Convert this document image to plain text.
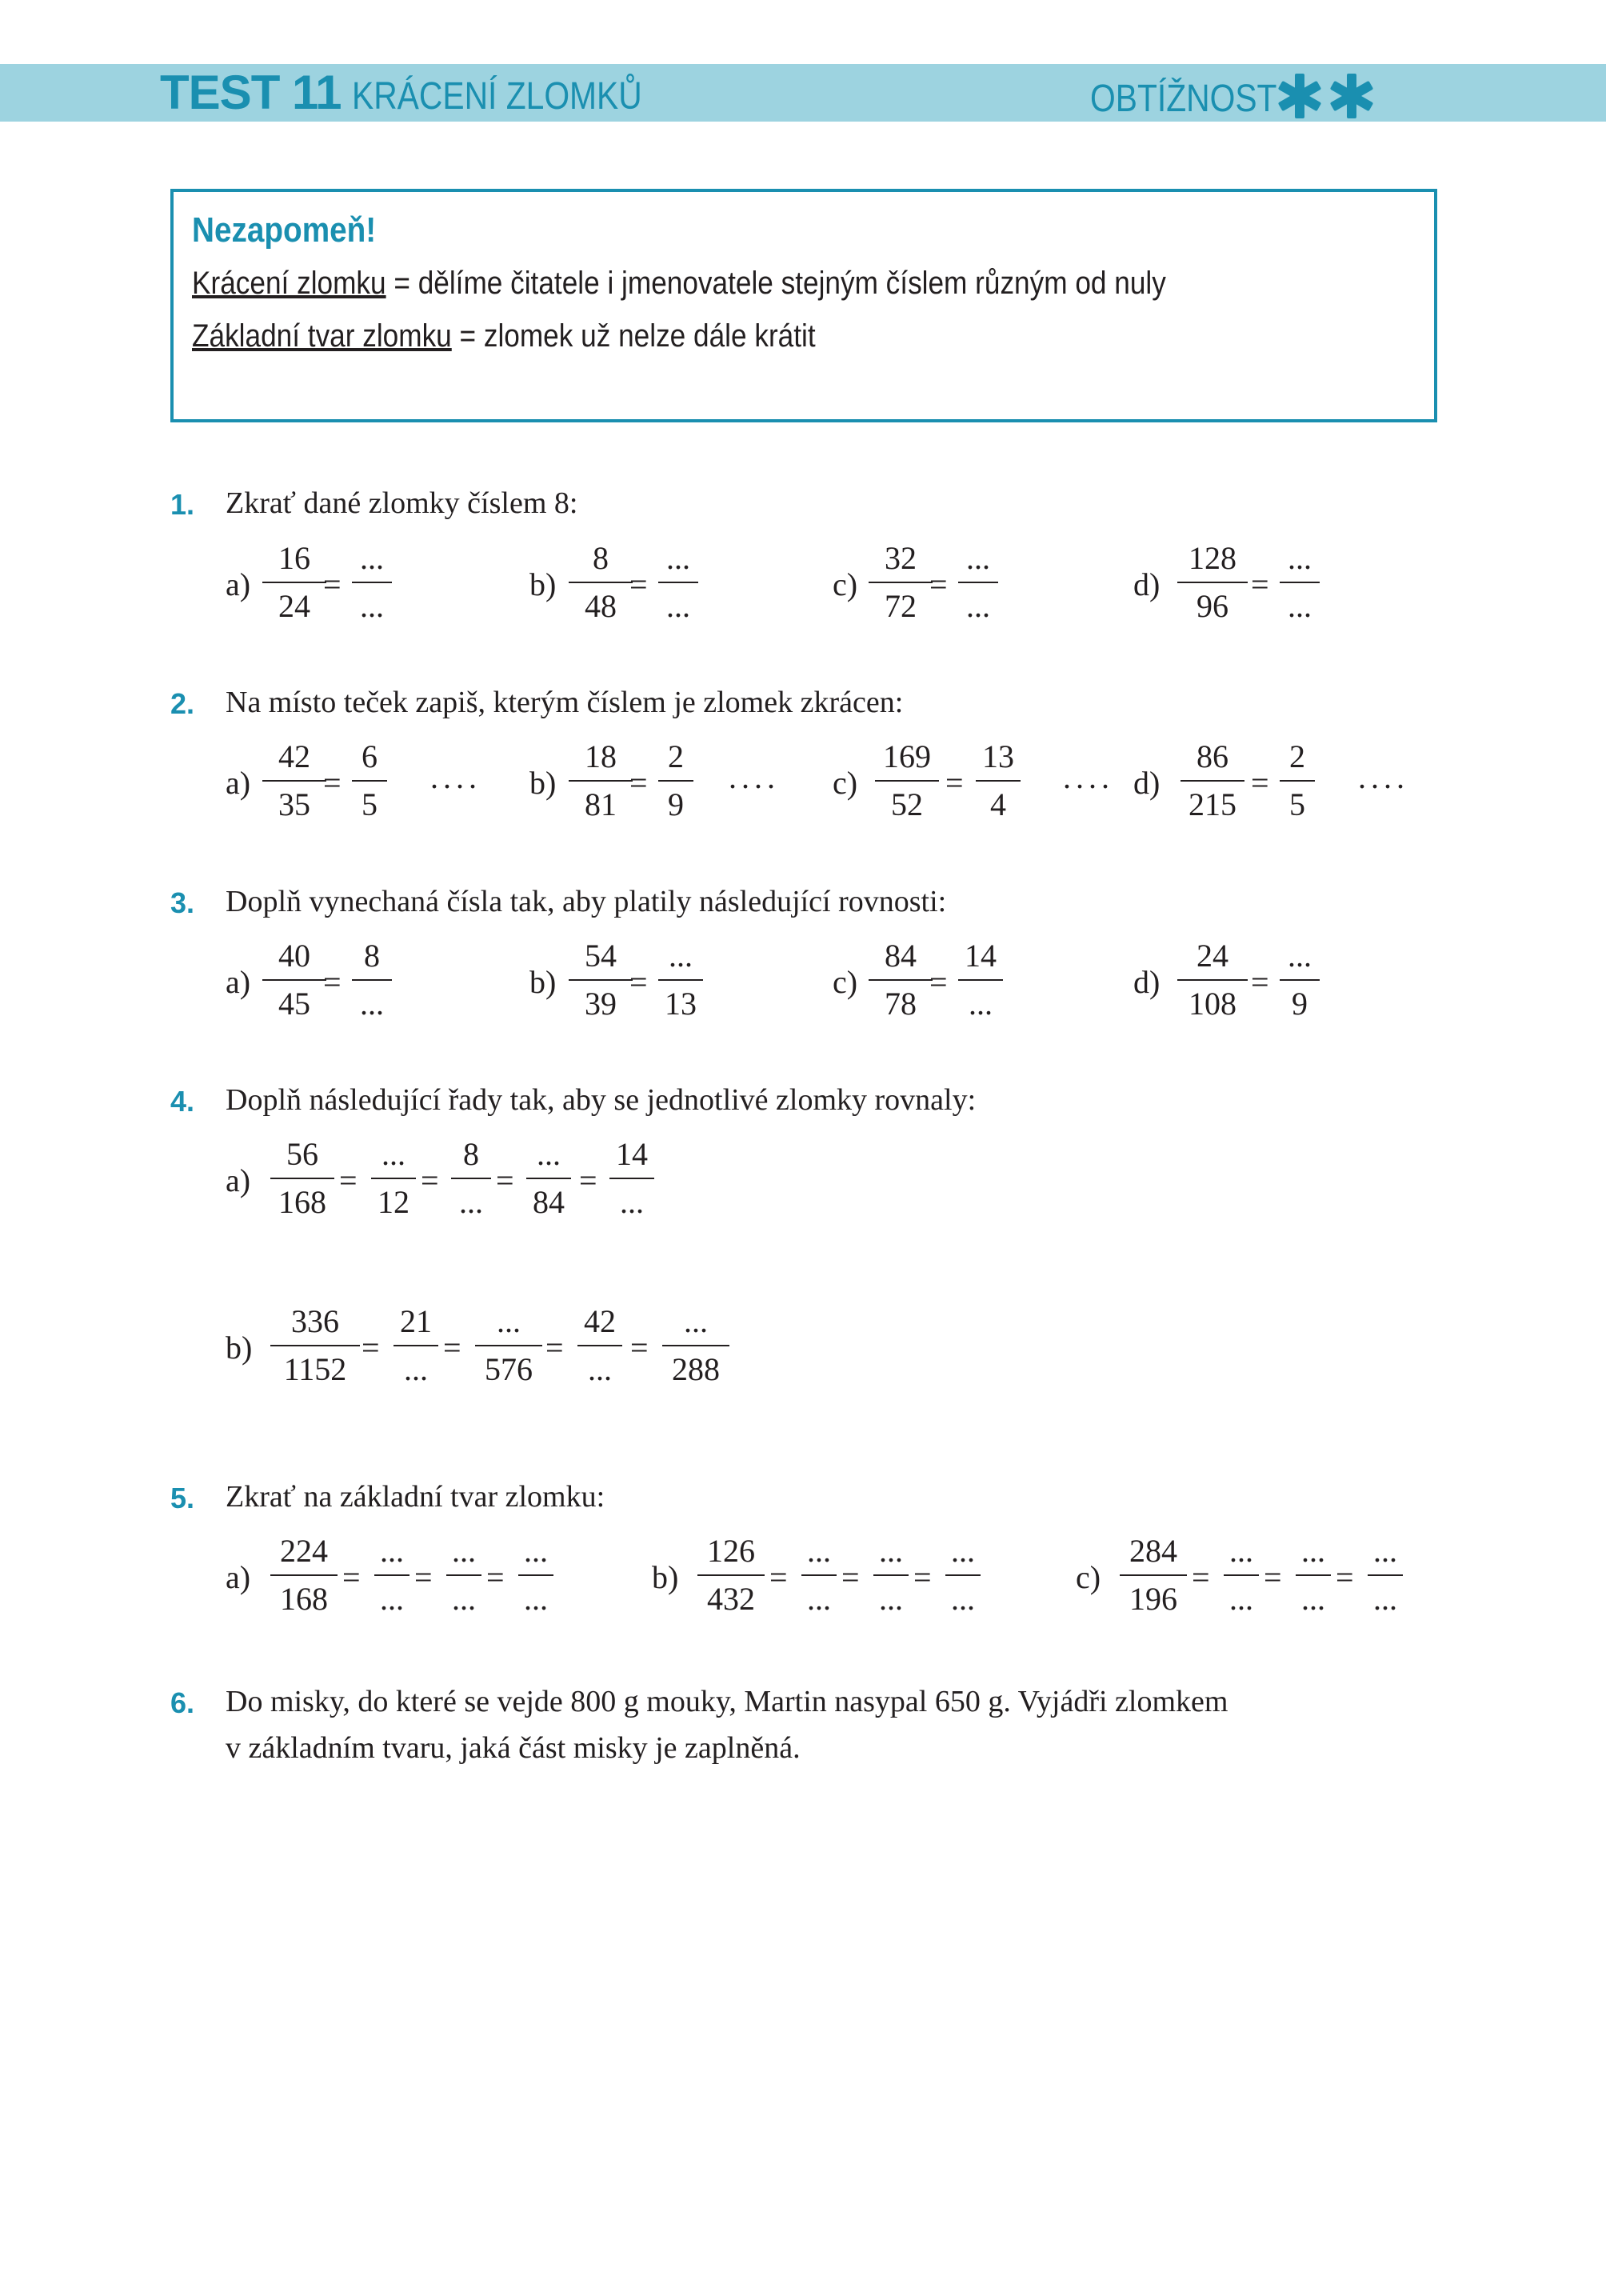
TEST 11 KRÁCENÍ ZLOMKŮ	OBTÍŽNOST
Nezapomeň!
Krácení zlomku = dělíme čitatele i jmenovatele stejným číslem různým od nuly
Základní tvar zlomku = zlomek už nelze dále krátit
1. Zkrať dané zlomky číslem 8:
a)
16
24
=
...
...
b)
8
48
=
...
...
c)
32
72
=
...
...
d)
128
96
=
...
...
2. Na místo teček zapiš, kterým číslem je zlomek zkrácen:
a)
42
35
=
6
5
.... b)
18
81
=
2
9
.... c)
169
52
=
13
4
.... d)
86
215
=
2
5
....
3. Doplň vynechaná čísla tak, aby platily následující rovnosti:
a)
40
45
=
8
...
b)
54
39
=
...
13
c)
84
78
=
14
...
d)
24
108
=
...
9
4. Doplň následující řady tak, aby se jednotlivé zlomky rovnaly:
a)
56
168
=
...
12
=
8
...
=
...
84
=
14
...
b)
336
1152
=
21
...
=
...
576
=
42
...
=
...
288
5. Zkrať na základní tvar zlomku:
a)
224
168
=
...
...
=
...
...
=
...
...
b)
126
432
=
...
...
=
...
...
=
...
...
c)
284
196
=
...
...
=
...
...
=
...
...
6. Do misky, do které se vejde 800 g mouky, Martin nasypal 650 g. Vyjádři zlomkem
v základním tvaru, jaká část misky je zaplněná.
